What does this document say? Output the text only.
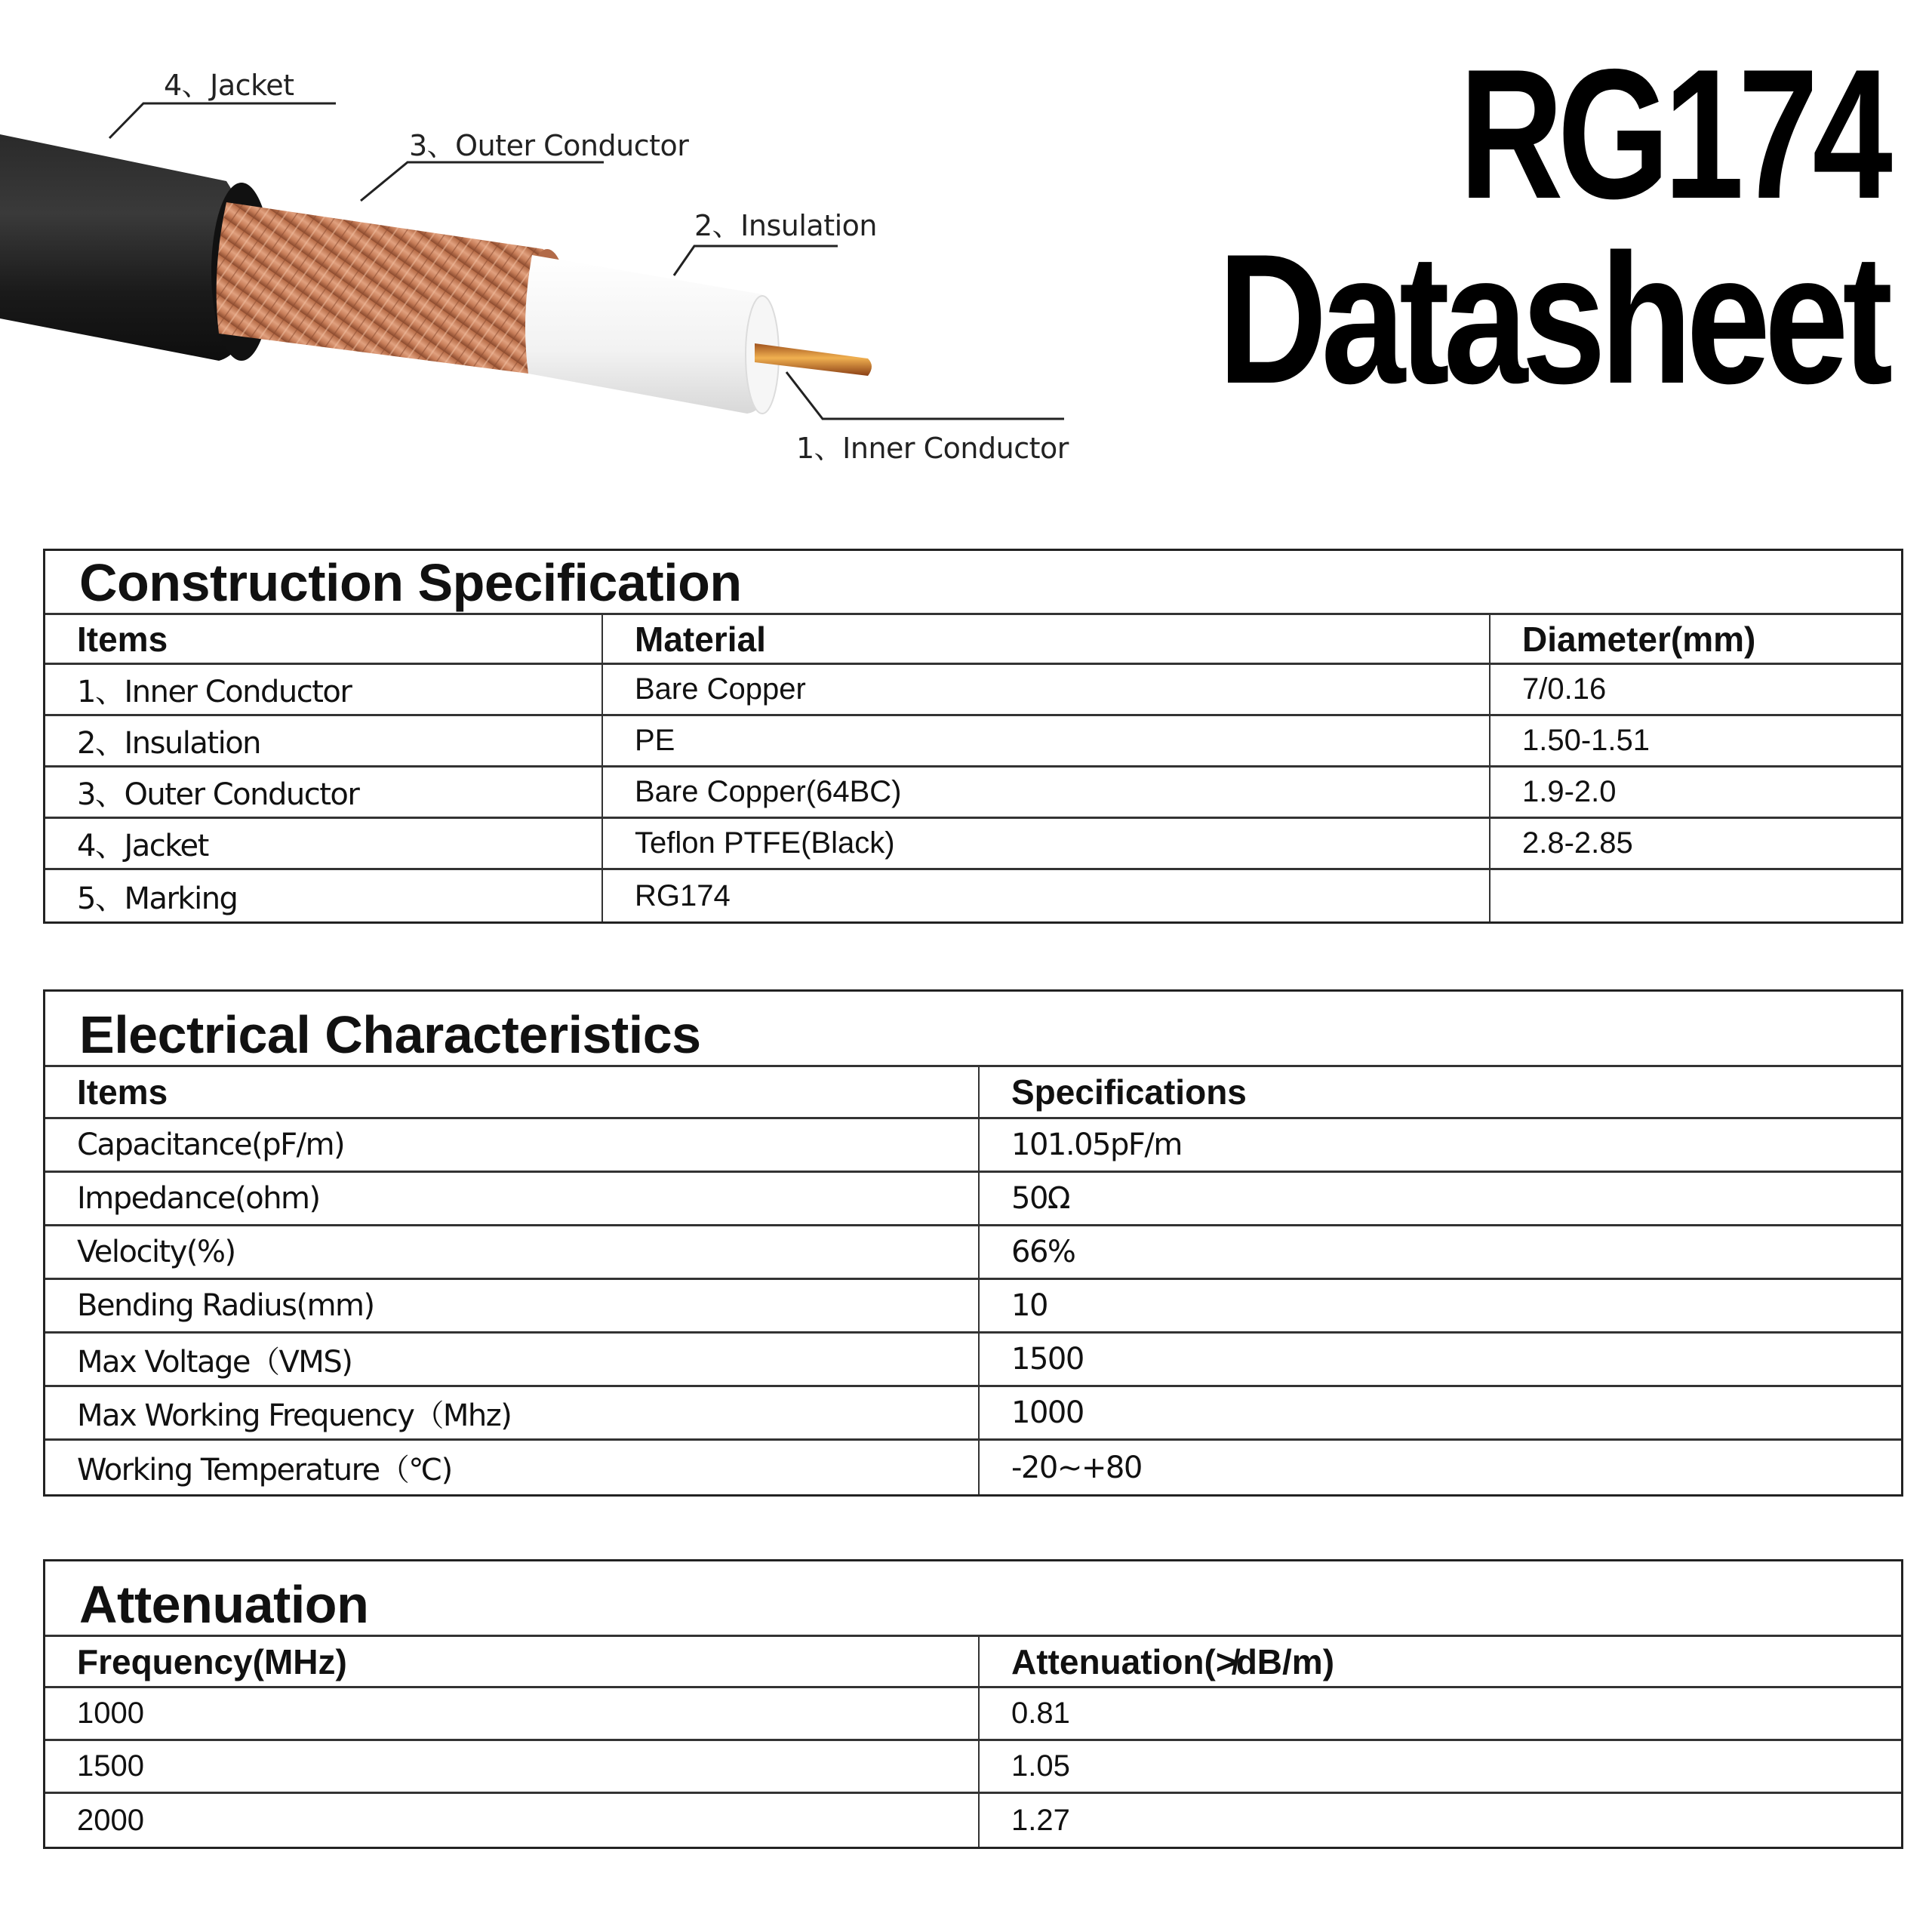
4、Jacket
3、Outer Conductor
2、Insulation
1、Inner Conductor
RG174
Datasheet
Construction Specification
Items	Material	Diameter(mm)
1、Inner Conductor	Bare Copper	7/0.16
2、Insulation	PE	1.50-1.51
3、Outer Conductor	Bare Copper(64BC)	1.9-2.0
4、Jacket	Teflon PTFE(Black)	2.8-2.85
5、Marking	RG174
Electrical Characteristics
Items	Specifications
Capacitance(pF/m)	101.05pF/m
Impedance(ohm)	50Ω
Velocity(%)	66%
Bending Radius(mm)	10
Max Voltage（VMS)	1500
Max Working Frequency（Mhz)	1000
Working Temperature（℃)	-20~+80
Attenuation
Frequency(MHz)	Attenuation(≯dB/m)
1000	0.81
1500	1.05
2000	1.27
